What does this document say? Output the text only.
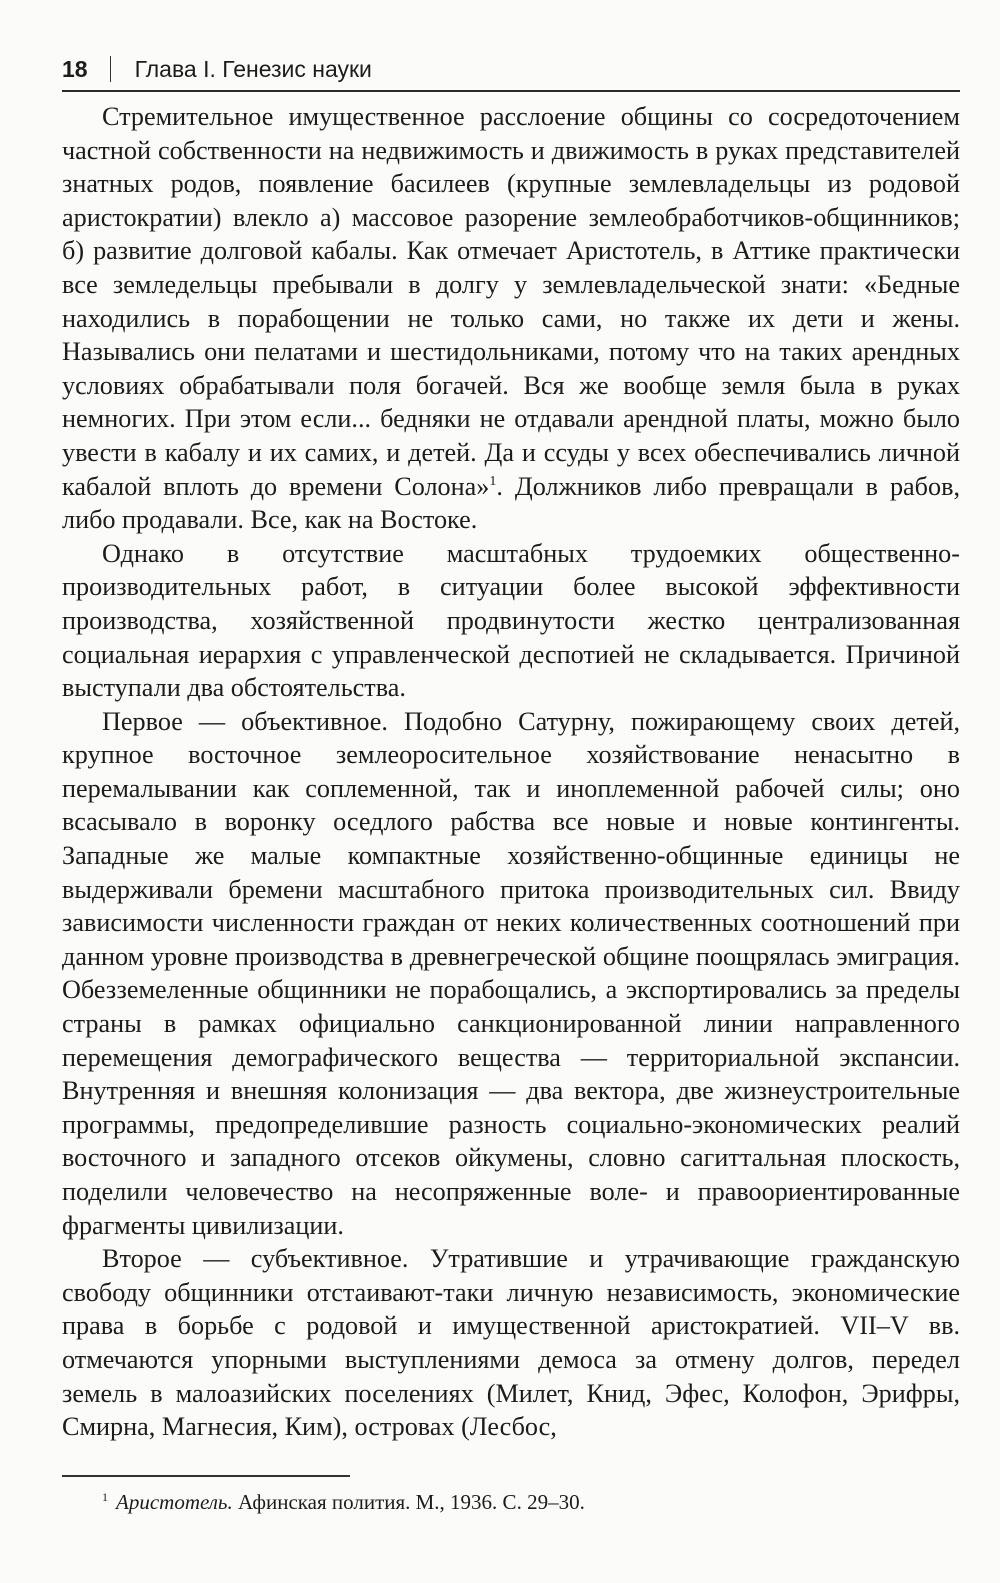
18 Глава I. Генезис науки

Стремительное имущественное расслоение общины со сосредоточением частной собственности на недвижимость и движимость в руках представителей знатных родов, появление басилеев (крупные землевладельцы из родовой аристократии) влекло а) массовое разорение землеобработчиков-общинников; б) развитие долговой кабалы. Как отмечает Аристотель, в Аттике практически все земледельцы пребывали в долгу у землевладельческой знати: «Бедные находились в порабощении не только сами, но также их дети и жены. Назывались они пелатами и шестидольниками, потому что на таких арендных условиях обрабатывали поля богачей. Вся же вообще земля была в руках немногих. При этом если... бедняки не отдавали арендной платы, можно было увести в кабалу и их самих, и детей. Да и ссуды у всех обеспечивались личной кабалой вплоть до времени Солона»$^1$. Должников либо превращали в рабов, либо продавали. Все, как на Востоке.

Однако в отсутствие масштабных трудоемких общественно-производительных работ, в ситуации более высокой эффективности производства, хозяйственной продвинутости жестко централизованная социальная иерархия с управленческой деспотией не складывается. Причиной выступали два обстоятельства.

Первое — объективное. Подобно Сатурну, пожирающему своих детей, крупное восточное землеоросительное хозяйствование ненасытно в перемалывании как соплеменной, так и иноплеменной рабочей силы; оно всасывало в воронку оседлого рабства все новые и новые контингенты. Западные же малые компактные хозяйственно-общинные единицы не выдерживали бремени масштабного притока производительных сил. Ввиду зависимости численности граждан от неких количественных соотношений при данном уровне производства в древнегреческой общине поощрялась эмиграция. Обезземеленные общинники не порабощались, а экспортировались за пределы страны в рамках официально санкционированной линии направленного перемещения демографического вещества — территориальной экспансии. Внутренняя и внешняя колонизация — два вектора, две жизнеустроительные программы, предопределившие разность социально-экономических реалий восточного и западного отсеков ойкумены, словно сагиттальная плоскость, поделили человечество на несопряженные воле- и правоориентированные фрагменты цивилизации.

Второе — субъективное. Утратившие и утрачивающие гражданскую свободу общинники отстаивают-таки личную независимость, экономические права в борьбе с родовой и имущественной аристократией. VII–V вв. отмечаются упорными выступлениями демоса за отмену долгов, передел земель в малоазийских поселениях (Милет, Книд, Эфес, Колофон, Эрифры, Смирна, Магнесия, Ким), островах (Лесбос,

$^1$ Аристотель. Афинская полития. М., 1936. С. 29–30.
